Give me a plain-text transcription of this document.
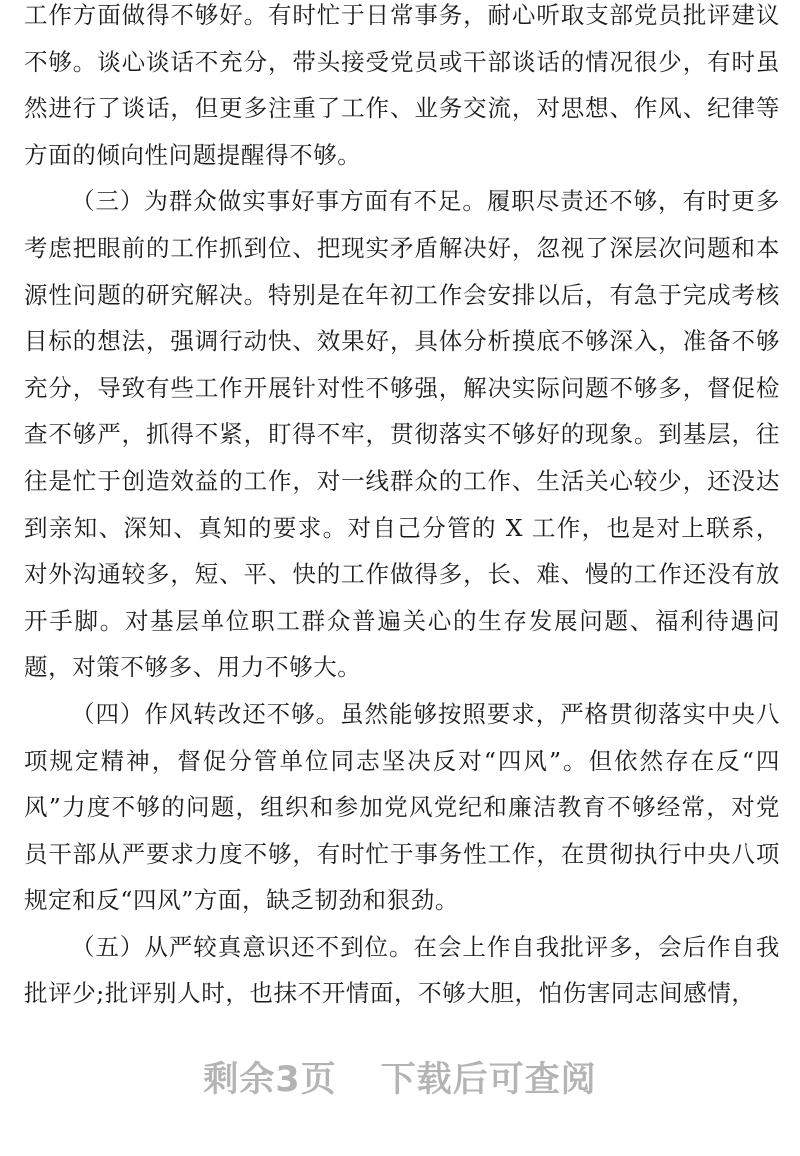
工作方面做得不够好。有时忙于日常事务，耐心听取支部党员批评建议不够。谈心谈话不充分，带头接受党员或干部谈话的情况很少，有时虽然进行了谈话，但更多注重了工作、业务交流，对思想、作风、纪律等方面的倾向性问题提醒得不够。

（三）为群众做实事好事方面有不足。履职尽责还不够，有时更多考虑把眼前的工作抓到位、把现实矛盾解决好，忽视了深层次问题和本源性问题的研究解决。特别是在年初工作会安排以后，有急于完成考核目标的想法，强调行动快、效果好，具体分析摸底不够深入，准备不够充分，导致有些工作开展针对性不够强，解决实际问题不够多，督促检查不够严，抓得不紧，盯得不牢，贯彻落实不够好的现象。到基层，往往是忙于创造效益的工作，对一线群众的工作、生活关心较少，还没达到亲知、深知、真知的要求。对自己分管的 X 工作，也是对上联系，对外沟通较多，短、平、快的工作做得多，长、难、慢的工作还没有放开手脚。对基层单位职工群众普遍关心的生存发展问题、福利待遇问题，对策不够多、用力不够大。

（四）作风转改还不够。虽然能够按照要求，严格贯彻落实中央八项规定精神，督促分管单位同志坚决反对“四风”。但依然存在反“四风”力度不够的问题，组织和参加党风党纪和廉洁教育不够经常，对党员干部从严要求力度不够，有时忙于事务性工作，在贯彻执行中央八项规定和反“四风”方面，缺乏韧劲和狠劲。

（五）从严较真意识还不到位。在会上作自我批评多，会后作自我批评少;批评别人时，也抹不开情面，不够大胆，怕伤害同志间感情，

剩余3页 下载后可查阅
